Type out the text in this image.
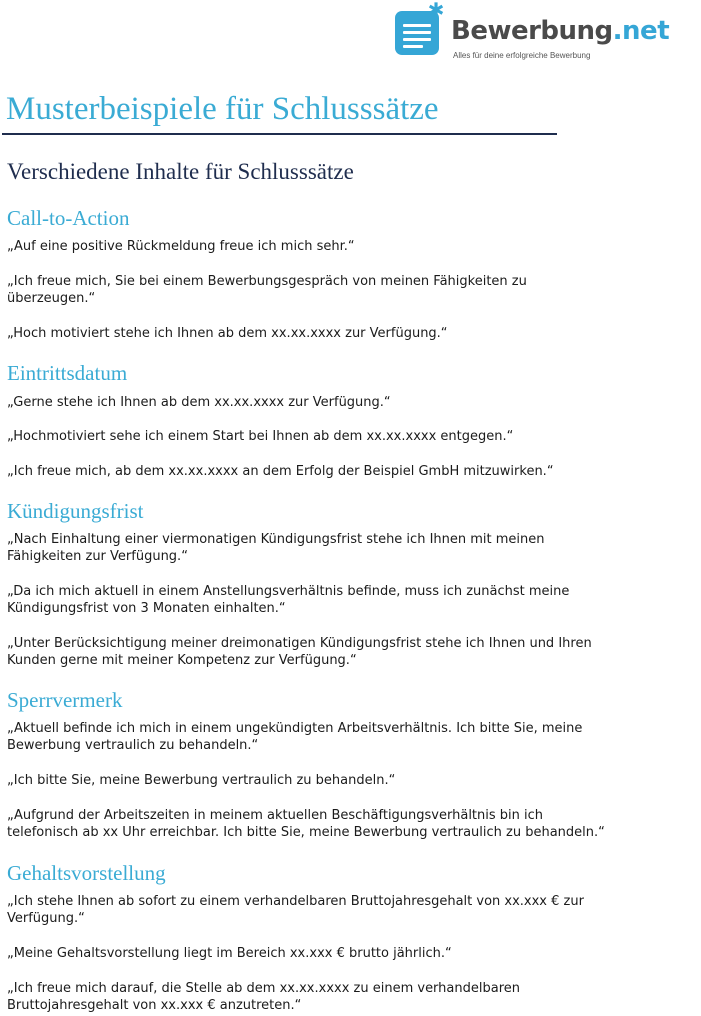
✱
Bewerbung.net
Alles für deine erfolgreiche Bewerbung
Musterbeispiele für Schlusssätze
Verschiedene Inhalte für Schlusssätze
Call-to-Action

„Auf eine positive Rückmeldung freue ich mich sehr.“

„Ich freue mich, Sie bei einem Bewerbungsgespräch von meinen Fähigkeiten zu überzeugen.“

„Hoch motiviert stehe ich Ihnen ab dem xx.xx.xxxx zur Verfügung.“

Eintrittsdatum

„Gerne stehe ich Ihnen ab dem xx.xx.xxxx zur Verfügung.“

„Hochmotiviert sehe ich einem Start bei Ihnen ab dem xx.xx.xxxx entgegen.“

„Ich freue mich, ab dem xx.xx.xxxx an dem Erfolg der Beispiel GmbH mitzuwirken.“

Kündigungsfrist

„Nach Einhaltung einer viermonatigen Kündigungsfrist stehe ich Ihnen mit meinen Fähigkeiten zur Verfügung.“

„Da ich mich aktuell in einem Anstellungsverhältnis befinde, muss ich zunächst meine Kündigungsfrist von 3 Monaten einhalten.“

„Unter Berücksichtigung meiner dreimonatigen Kündigungsfrist stehe ich Ihnen und Ihren Kunden gerne mit meiner Kompetenz zur Verfügung.“

Sperrvermerk

„Aktuell befinde ich mich in einem ungekündigten Arbeitsverhältnis. Ich bitte Sie, meine Bewerbung vertraulich zu behandeln.“

„Ich bitte Sie, meine Bewerbung vertraulich zu behandeln.“

„Aufgrund der Arbeitszeiten in meinem aktuellen Beschäftigungsverhältnis bin ich telefonisch ab xx Uhr erreichbar. Ich bitte Sie, meine Bewerbung vertraulich zu behandeln.“

Gehaltsvorstellung

„Ich stehe Ihnen ab sofort zu einem verhandelbaren Bruttojahresgehalt von xx.xxx € zur Verfügung.“

„Meine Gehaltsvorstellung liegt im Bereich xx.xxx € brutto jährlich.“

„Ich freue mich darauf, die Stelle ab dem xx.xx.xxxx zu einem verhandelbaren Bruttojahresgehalt von xx.xxx € anzutreten.“
